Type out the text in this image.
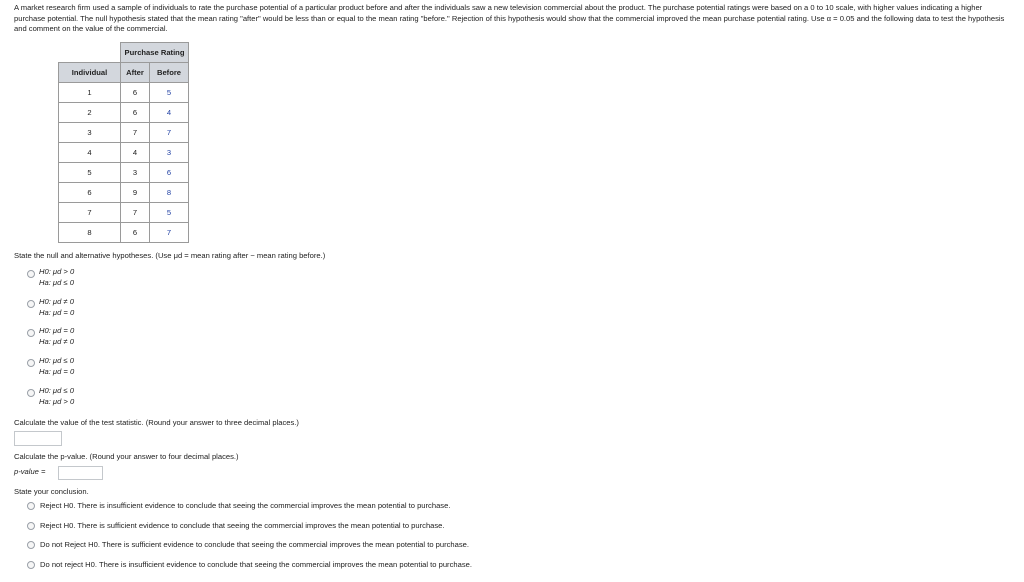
A market research firm used a sample of individuals to rate the purchase potential of a particular product before and after the individuals saw a new television commercial about the product. The purchase potential ratings were based on a 0 to 10 scale, with higher values indicating a higher purchase potential. The null hypothesis stated that the mean rating "after" would be less than or equal to the mean rating "before." Rejection of this hypothesis would show that the commercial improved the mean purchase potential rating. Use α = 0.05 and the following data to test the hypothesis and comment on the value of the commercial.

	Purchase Rating	
Individual	After	Before
1	6	5
2	6	4
3	7	7
4	4	3
5	3	6
6	9	8
7	7	5
8	6	7

State the null and alternative hypotheses. (Use μd = mean rating after − mean rating before.)

H0: μd > 0
Ha: μd ≤ 0
H0: μd ≠ 0
Ha: μd = 0
H0: μd = 0
Ha: μd ≠ 0
H0: μd ≤ 0
Ha: μd = 0
H0: μd ≤ 0
Ha: μd > 0

Calculate the value of the test statistic. (Round your answer to three decimal places.)

Calculate the p-value. (Round your answer to four decimal places.)

p-value =

State your conclusion.

Reject H0. There is insufficient evidence to conclude that seeing the commercial improves the mean potential to purchase.
Reject H0. There is sufficient evidence to conclude that seeing the commercial improves the mean potential to purchase.
Do not Reject H0. There is sufficient evidence to conclude that seeing the commercial improves the mean potential to purchase.
Do not reject H0. There is insufficient evidence to conclude that seeing the commercial improves the mean potential to purchase.
